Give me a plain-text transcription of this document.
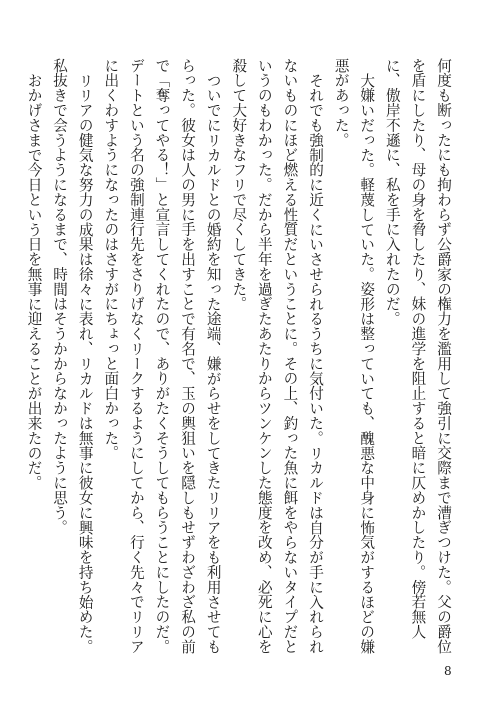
何度も断ったにも拘わらず公爵家の権力を濫用して強引に交際まで漕ぎつけた。父の爵位を盾にしたり、母の身を脅したり、妹の進学を阻止すると暗に仄めかしたり。傍若無人に、傲岸不遜に、私を手に入れたのだ。

大嫌いだった。軽蔑していた。姿形は整っていても、醜悪な中身に怖気がするほどの嫌悪があった。

それでも強制的に近くにいさせられるうちに気付いた。リカルドは自分が手に入れられないものにほど燃える性質だということに。その上、釣った魚に餌をやらないタイプだというのもわかった。だから半年を過ぎたあたりからツンケンした態度を改め、必死に心を殺して大好きなフリで尽くしてきた。

ついでにリカルドとの婚約を知った途端、嫌がらせをしてきたリリアをも利用させてもらった。彼女は人の男に手を出すことで有名で、玉の輿狙いを隠しもせずわざわざ私の前で「奪ってやる！」と宣言してくれたので、ありがたくそうしてもらうことにしたのだ。デートという名の強制連行先をさりげなくリークするようにしてから、行く先々でリリアに出くわすようになったのはさすがにちょっと面白かった。

リリアの健気な努力の成果は徐々に表れ、リカルドは無事に彼女に興味を持ち始めた。私抜きで会うようになるまで、時間はそうかからなかったように思う。

おかげさまで今日という日を無事に迎えることが出来たのだ。

8
